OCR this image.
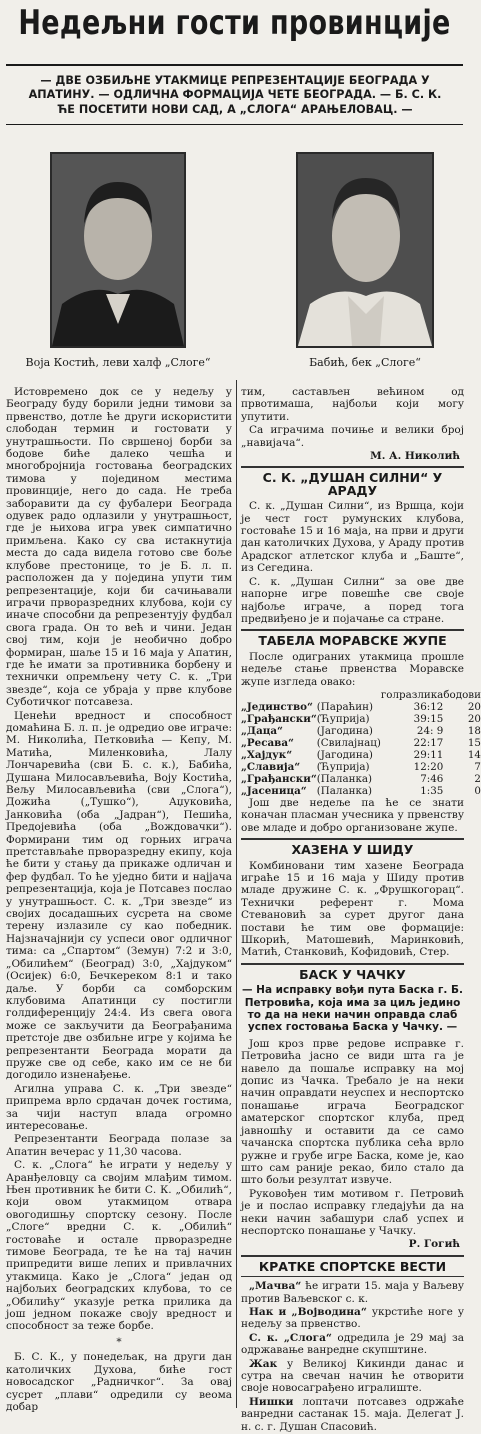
Недељни гости провинције
— ДВЕ ОЗБИЉНЕ УТАКМИЦЕ РЕПРЕЗЕНТАЦИЈЕ БЕОГРАДА У АПАТИНУ. — ОДЛИЧНА ФОРМАЦИЈА ЧЕТЕ БЕОГРАДА. — Б. С. К. ЋЕ ПОСЕТИТИ НОВИ САД, А „СЛОГА“ АРАЊЕЛОВАЦ. —
Воја Костић, леви халф „Слоге“	Бабић, бек „Слоге“

Истовремено док се у недељу у Београду буду борили једни тимови за првенство, дотле ће други искористити слободан термин и гостовати у унутрашњости. По свршеној борби за бодове биће далеко чешћа и многобројнија гостовања београдских тимова у поједином местима провинције, него до сада. Не треба заборавити да су фубалери Београда одувек радо одлазили у унутрашњост, где је њихова игра увек симпатично примљена. Како су сва истакнутија места до сада видела готово све боље клубове престонице, то је Б. л. п. расположен да у поједина упути тим репрезентације, који би сачињавали играчи прворазредних клубова, који су иначе способни да репрезентују фудбал свога града. Он то већ и чини. Један свој тим, који је необично добро формиран, шаље 15 и 16 маја у Апатин, где ће имати за противника борбену и технички опремљену чету С. к. „Три звезде“, која се убраја у прве клубове Суботичког потсавеза.

Ценећи вредност и способност домаћина Б. л. п. је одредио ове играче: М. Николића, Петковића — Кепу, М. Матића, Миленковића, Лалу Лончаревића (сви Б. с. к.), Бабића, Душана Милосављевића, Воју Костића, Вељу Милосављевића (сви „Слога“), Дожића („Тушко“), Аџуковића, Јанковића (оба „Јадран“), Пешића, Предојевића (оба „Вождовачки“). Формирани тим од горњих играча претстављаће прворазредну екипу, која ће бити у стању да прикаже одличан и фер фудбал. То ће уједно бити и најјача репрезентација, која је Потсавез послао у унутрашњост. С. к. „Три звезде“ из својих досадашњих сусрета на своме терену излазиле су као победник. Најзначајнији су успеси овог одличног тима: са „Спартом“ (Земун) 7:2 и 3:0, „Обилићем“ (Београд) 3:0, „Хајдуком“ (Осијек) 6:0, Бечкереком 8:1 и тако даље. У борби са сомборским клубовима Апатинци су постигли голдиференцију 24:4. Из свега овога може се закључити да Београђанима претстоје две озбиљне игре у којима ће репрезентанти Београда морати да пруже све од себе, како им се не би догодило изненађење.

Агилна управа С. к. „Три звезде“ припрема врло срдачан дочек гостима, за чији наступ влада огромно интересовање.

Репрезентанти Београда полазе за Апатин вечерас у 11,30 часова.

С. к. „Слога“ ће играти у недељу у Аранђеловцу са својим млађим тимом. Њен противник ће бити С. К. „Обилић“, који овом утакмицом отвара овогодишњу спортску сезону. После „Слоге“ вредни С. к. „Обилић“ гостоваће и остале прворазредне тимове Београда, те ће на тај начин припредити више лепих и привлачних утакмица. Како је „Слога“ један од најбољих београдских клубова, то се „Обилићу“ указује ретка прилика да још једном покаже своју вредност и способност за теже борбе.

*

Б. С. К., у понедељак, на други дан католичких Духова, биће гост новосадског „Радничког“. За овај сусрет „плави“ одредили су веома добар

тим, састављен већином од првотимаша, најбољи који могу упутити.

Са играчима почиње и велики број „навијача“.

М. А. Николић

С. К. „ДУШАН СИЛНИ“ У АРАДУ

С. к. „Душан Силни“, из Вршца, који је чест гост румунских клубова, гостоваће 15 и 16 маја, на први и други дан католичких Духова, у Араду против Арадског атлетског клуба и „Баште“, из Сегедина.

С. к. „Душан Силни“ за ове две напорне игре повешће све своје најбоље играче, а поред тога предвиђено је и појачање са стране.

ТАБЕЛА МОРАВСКЕ ЖУПЕ

После одиграних утакмица прошле недеље стање првенства Моравске жупе изгледа овако:

		голразлика	бодови
„Јединство“	(Параћин)	36:12	20
„Грађански“	(Ћуприја)	39:15	20
„Даца“	(Јагодина)	24: 9	18
„Ресава“	(Свилајнац)	22:17	15
„Хајдук“	(Јагодина)	29:11	14
„Славија“	(Ћуприја)	12:20	7
„Грађански“	(Паланка)	7:46	2
„Јасеница“	(Паланка)	1:35	0

Још две недеље па ће се знати коначан пласман учесника у првенству ове младе и добро организоване жупе.

ХАЗЕНА У ШИДУ

Комбиновани тим хазене Београда играће 15 и 16 маја у Шиду против младе дружине С. к. „Фрушкогорац“. Технички референт г. Мома Стевановић за сурет другог дана постави ће тим ове формације: Шкорић, Матошевић, Маринковић, Матић, Станковић, Кофидовић, Стер.

БАСК У ЧАЧКУ
— На исправку вођи пута Баска г. Б. Петровића, која има за циљ једино то да на неки начин оправда слаб успех гостовања Баска у Чачку. —

Још кроз прве редове исправке г. Петровића јасно се види шта га је навело да пошаље исправку на мој допис из Чачка. Требало је на неки начин оправдати неуспех и неспортско понашање играча Београдског аматерског спортског клуба, пред јавношћу и оставити да се само чачанска спортска публика сећа врло ружне и грубе игре Баска, коме је, као што сам раније рекао, било стало да што бољи резултат извуче.

Руковођен тим мотивом г. Петровић је и послао исправку гледајући да на неки начин забашури слаб успех и неспортско понашање у Чачку.

Р. Гогић

КРАТКЕ СПОРТСКЕ ВЕСТИ

„Мачва“ ће играти 15. маја у Ваљеву против Ваљевског с. к.

Нак и „Војводина“ укрстиће ноге у недељу за првенство.

С. к. „Слога“ одредила је 29 мај за одржавање ванредне скупштине.

Жак у Великој Кикинди данас и сутра на свечан начин ће отворити своје новосаграђено игралиште.

Нишки лоптачи потсавез одржаће ванредни састанак 15. маја. Делегат Ј. н. с. г. Душан Спасовић.
